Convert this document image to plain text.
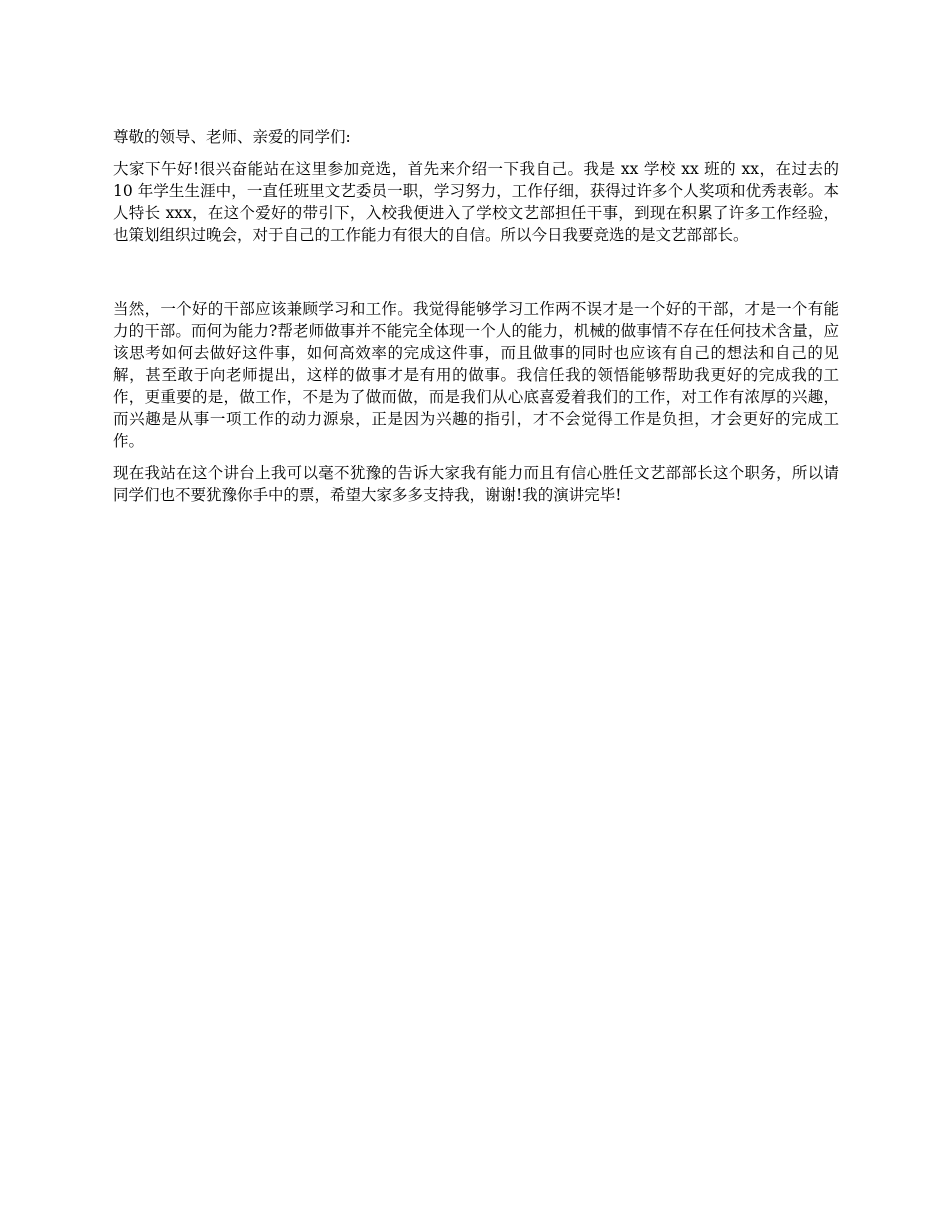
尊敬的领导、老师、亲爱的同学们:

大家下午好!很兴奋能站在这里参加竞选，首先来介绍一下我自己。我是 xx 学校 xx 班的 xx，在过去的 10 年学生生涯中，一直任班里文艺委员一职，学习努力，工作仔细，获得过许多个人奖项和优秀表彰。本人特长 xxx，在这个爱好的带引下，入校我便进入了学校文艺部担任干事，到现在积累了许多工作经验，也策划组织过晚会，对于自己的工作能力有很大的自信。所以今日我要竞选的是文艺部部长。

当然，一个好的干部应该兼顾学习和工作。我觉得能够学习工作两不误才是一个好的干部，才是一个有能力的干部。而何为能力?帮老师做事并不能完全体现一个人的能力，机械的做事情不存在任何技术含量，应该思考如何去做好这件事，如何高效率的完成这件事，而且做事的同时也应该有自己的想法和自己的见解，甚至敢于向老师提出，这样的做事才是有用的做事。我信任我的领悟能够帮助我更好的完成我的工作，更重要的是，做工作，不是为了做而做，而是我们从心底喜爱着我们的工作，对工作有浓厚的兴趣，而兴趣是从事一项工作的动力源泉，正是因为兴趣的指引，才不会觉得工作是负担，才会更好的完成工作。

现在我站在这个讲台上我可以毫不犹豫的告诉大家我有能力而且有信心胜任文艺部部长这个职务，所以请同学们也不要犹豫你手中的票，希望大家多多支持我，谢谢!我的演讲完毕!
